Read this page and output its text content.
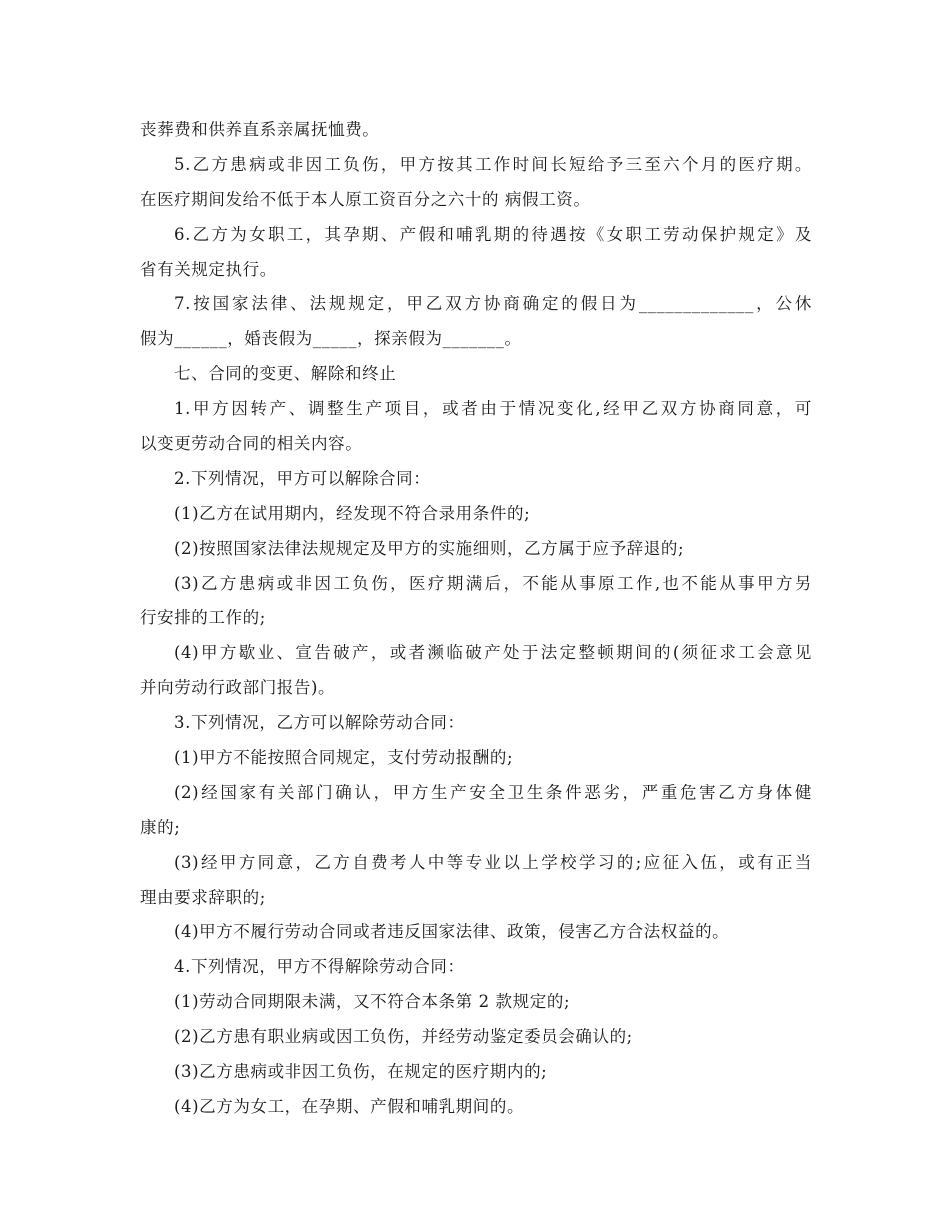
丧葬费和供养直系亲属抚恤费。

5.乙方患病或非因工负伤，甲方按其工作时间长短给予三至六个月的医疗期。

在医疗期间发给不低于本人原工资百分之六十的 病假工资。

6.乙方为女职工，其孕期、产假和哺乳期的待遇按《女职工劳动保护规定》及

省有关规定执行。

7.按国家法律、法规规定，甲乙双方协商确定的假日为_____________，公休

假为______，婚丧假为_____，探亲假为_______。

七、合同的变更、解除和终止

1.甲方因转产、调整生产项目，或者由于情况变化,经甲乙双方协商同意，可

以变更劳动合同的相关内容。

2.下列情况，甲方可以解除合同：

(1)乙方在试用期内，经发现不符合录用条件的;

(2)按照国家法律法规规定及甲方的实施细则，乙方属于应予辞退的;

(3)乙方患病或非因工负伤，医疗期满后，不能从事原工作,也不能从事甲方另

行安排的工作的;

(4)甲方歇业、宣告破产，或者濒临破产处于法定整顿期间的(须征求工会意见

并向劳动行政部门报告)。

3.下列情况，乙方可以解除劳动合同：

(1)甲方不能按照合同规定，支付劳动报酬的;

(2)经国家有关部门确认，甲方生产安全卫生条件恶劣，严重危害乙方身体健

康的;

(3)经甲方同意，乙方自费考人中等专业以上学校学习的;应征入伍，或有正当

理由要求辞职的;

(4)甲方不履行劳动合同或者违反国家法律、政策，侵害乙方合法权益的。

4.下列情况，甲方不得解除劳动合同：

(1)劳动合同期限未满，又不符合本条第 2 款规定的;

(2)乙方患有职业病或因工负伤，并经劳动鉴定委员会确认的;

(3)乙方患病或非因工负伤，在规定的医疗期内的;

(4)乙方为女工，在孕期、产假和哺乳期间的。
